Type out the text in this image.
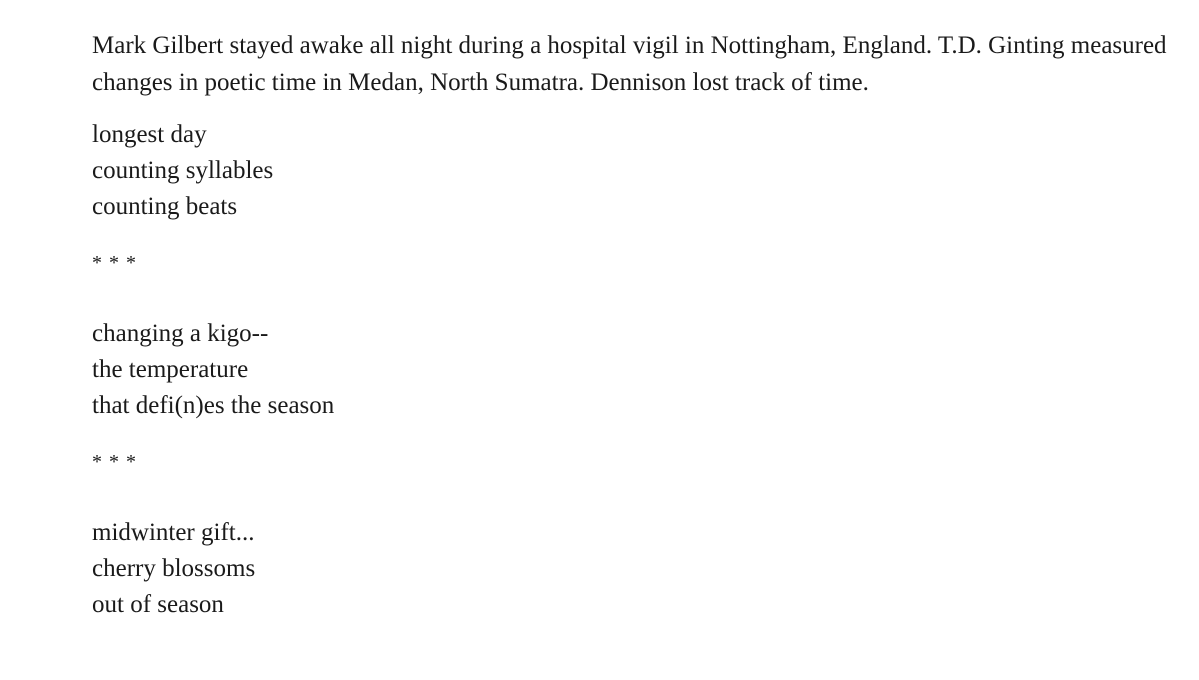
Mark Gilbert stayed awake all night during a hospital vigil in Nottingham, England. T.D. Ginting measured changes in poetic time in Medan, North Sumatra. Dennison lost track of time.

longest day
counting syllables
counting beats

* * *

changing a kigo--
the temperature
that defi(n)es the season

* * *

midwinter gift...
cherry blossoms
out of season
